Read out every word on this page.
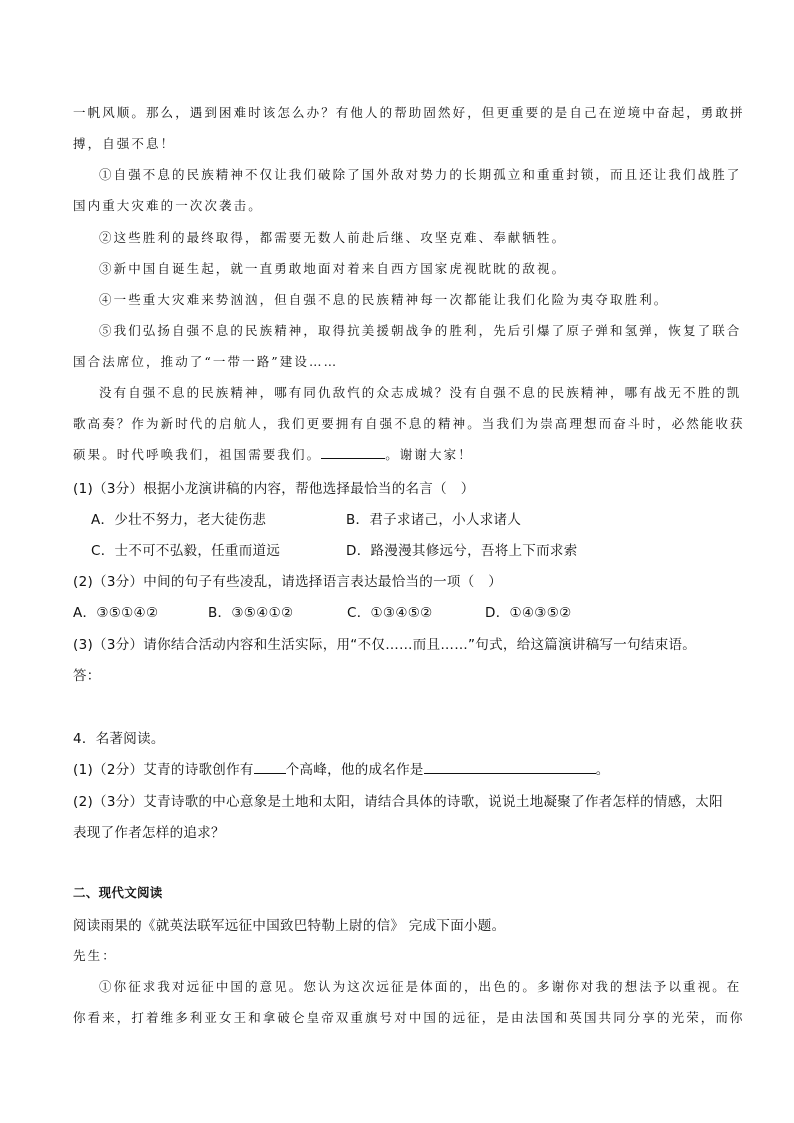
一帆风顺。那么，遇到困难时该怎么办？有他人的帮助固然好，但更重要的是自己在逆境中奋起，勇敢拼
搏，自强不息！
①自强不息的民族精神不仅让我们破除了国外敌对势力的长期孤立和重重封锁，而且还让我们战胜了
国内重大灾难的一次次袭击。
②这些胜利的最终取得，都需要无数人前赴后继、攻坚克难、奉献牺牲。
③新中国自诞生起，就一直勇敢地面对着来自西方国家虎视眈眈的敌视。
④一些重大灾难来势汹汹，但自强不息的民族精神每一次都能让我们化险为夷夺取胜利。
⑤我们弘扬自强不息的民族精神，取得抗美援朝战争的胜利，先后引爆了原子弹和氢弹，恢复了联合
国合法席位，推动了“一带一路”建设……
没有自强不息的民族精神，哪有同仇敌忾的众志成城？没有自强不息的民族精神，哪有战无不胜的凯
歌高奏？作为新时代的启航人，我们更要拥有自强不息的精神。当我们为崇高理想而奋斗时，必然能收获
硕果。时代呼唤我们，祖国需要我们。	。谢谢大家！
(1)（3分）根据小龙演讲稿的内容，帮他选择最恰当的名言（　）
A．少壮不努力，老大徒伤悲	B．君子求诸己，小人求诸人
C．士不可不弘毅，任重而道远	D．路漫漫其修远兮，吾将上下而求索
(2)（3分）中间的句子有些凌乱，请选择语言表达最恰当的一项（　）
A．③⑤①④②	B．③⑤④①②	C．①③④⑤②	D．①④③⑤②
(3)（3分）请你结合活动内容和生活实际，用“不仅……而且……”句式，给这篇演讲稿写一句结束语。
答：
4．名著阅读。
(1)（2分）艾青的诗歌创作有 个高峰，他的成名作是	。
(2)（3分）艾青诗歌的中心意象是土地和太阳，请结合具体的诗歌，说说土地凝聚了作者怎样的情感，太阳
表现了作者怎样的追求？
二、现代文阅读
阅读雨果的《就英法联军远征中国致巴特勒上尉的信》 完成下面小题。
先生：
①你征求我对远征中国的意见。您认为这次远征是体面的，出色的。多谢你对我的想法予以重视。在
你看来，打着维多利亚女王和拿破仑皇帝双重旗号对中国的远征，是由法国和英国共同分享的光荣，而你
